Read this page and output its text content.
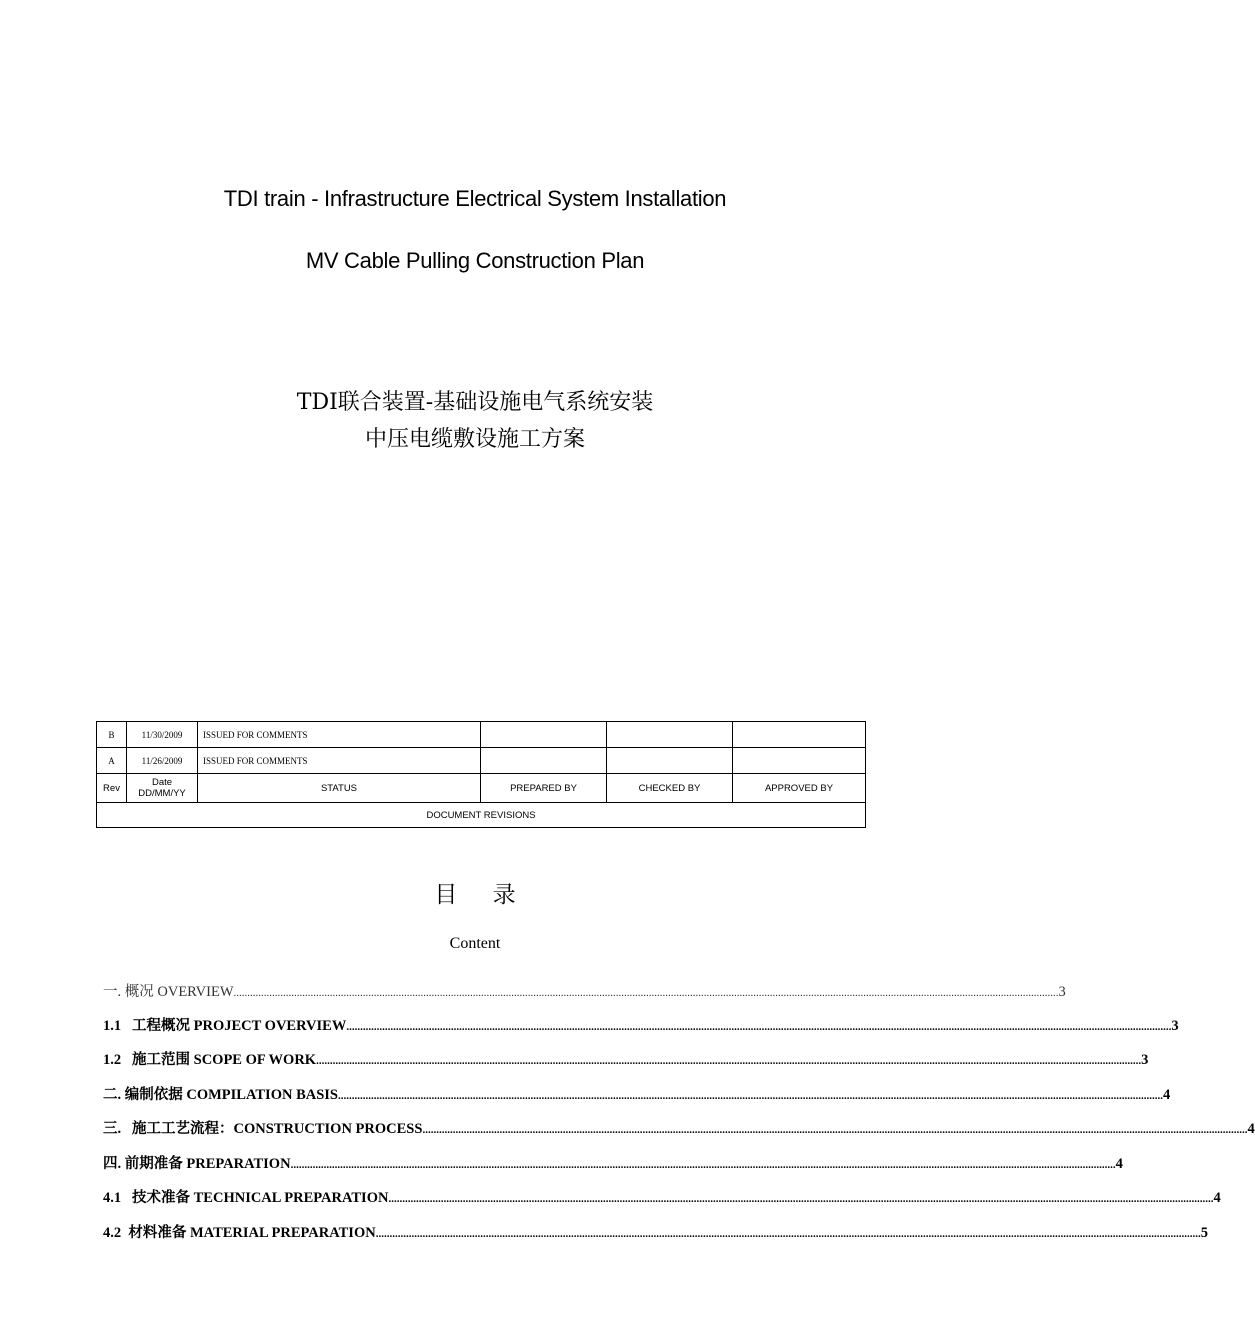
TDI train - Infrastructure Electrical System Installation
MV Cable Pulling Construction Plan
TDI联合装置-基础设施电气系统安装
中压电缆敷设施工方案
B	11/30/2009	ISSUED FOR COMMENTS			
A	11/26/2009	ISSUED FOR COMMENTS			
Rev	Date DD/MM/YY	STATUS	PREPARED BY	CHECKED BY	APPROVED BY
DOCUMENT REVISIONS					
目 录
Content
一. 概况 OVERVIEW ............................................................................................................................................................................................................................................................................................................ 3
1.1 工程概况 PROJECT OVERVIEW ............................................................................................................................................................................................................................................................................................................ 3
1.2 施工范围 SCOPE OF WORK ............................................................................................................................................................................................................................................................................................................ 3
二. 编制依据 COMPILATION BASIS ............................................................................................................................................................................................................................................................................................................ 4
三. 施工工艺流程：CONSTRUCTION PROCESS ............................................................................................................................................................................................................................................................................................................ 4
四. 前期准备 PREPARATION ............................................................................................................................................................................................................................................................................................................ 4
4.1 技术准备 TECHNICAL PREPARATION ............................................................................................................................................................................................................................................................................................................ 4
4.2 材料准备 MATERIAL PREPARATION ............................................................................................................................................................................................................................................................................................................ 5
